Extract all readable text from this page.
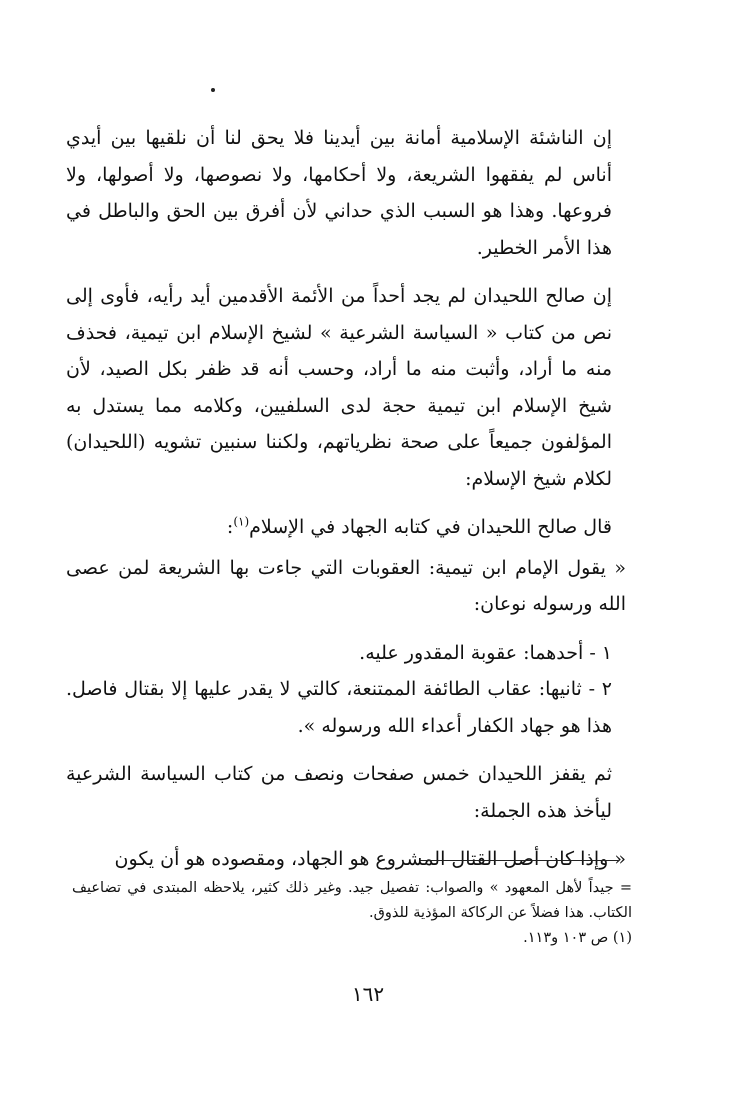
إن الناشئة الإسلامية أمانة بين أيدينا فلا يحق لنا أن نلقيها بين أيدي أناس لم يفقهوا الشريعة، ولا أحكامها، ولا نصوصها، ولا أصولها، ولا فروعها. وهذا هو السبب الذي حداني لأن أفرق بين الحق والباطل في هذا الأمر الخطير.

إن صالح اللحيدان لم يجد أحداً من الأئمة الأقدمين أيد رأيه، فأوى إلى نص من كتاب « السياسة الشرعية » لشيخ الإسلام ابن تيمية، فحذف منه ما أراد، وأثبت منه ما أراد، وحسب أنه قد ظفر بكل الصيد، لأن شيخ الإسلام ابن تيمية حجة لدى السلفيين، وكلامه مما يستدل به المؤلفون جميعاً على صحة نظرياتهم، ولكننا سنبين تشويه (اللحيدان) لكلام شيخ الإسلام:

قال صالح اللحيدان في كتابه الجهاد في الإسلام$^{(١)}$:

« يقول الإمام ابن تيمية: العقوبات التي جاءت بها الشريعة لمن عصى الله ورسوله نوعان:

١ - أحدهما: عقوبة المقدور عليه.

٢ - ثانيها: عقاب الطائفة الممتنعة، كالتي لا يقدر عليها إلا بقتال فاصل. هذا هو جهاد الكفار أعداء الله ورسوله ».

ثم يقفز اللحيدان خمس صفحات ونصف من كتاب السياسة الشرعية ليأخذ هذه الجملة:

« وإذا كان أصل القتال المشروع هو الجهاد، ومقصوده هو أن يكون

= جيداً لأهل المعهود » والصواب: تفصيل جيد. وغير ذلك كثير، يلاحظه المبتدى في تضاعيف الكتاب. هذا فضلاً عن الركاكة المؤذية للذوق.

(١) ص ١٠٣ و١١٣.

١٦٢
